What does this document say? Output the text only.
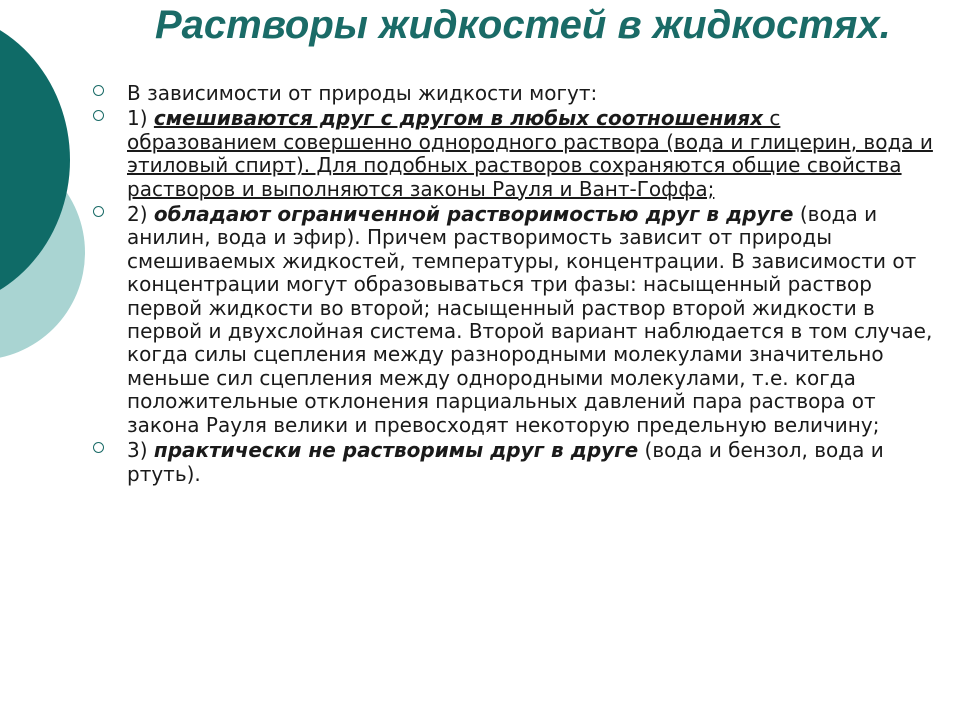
Растворы жидкостей в жидкостях.
В зависимости от природы жидкости могут:
1) смешиваются друг с другом в любых соотношениях с образованием совершенно однородного раствора (вода и глицерин, вода и этиловый спирт). Для подобных растворов сохраняются общие свойства растворов и выполняются законы Рауля и Вант-Гоффа;
2) обладают ограниченной растворимостью друг в друге (вода и анилин, вода и эфир). Причем растворимость зависит от природы смешиваемых жидкостей, температуры, концентрации. В зависимости от концентрации могут образовываться три фазы: насыщенный раствор первой жидкости во второй; насыщенный раствор второй жидкости в первой и двухслойная система. Второй вариант наблюдается в том случае, когда силы сцепления между разнородными молекулами значительно меньше сил сцепления между однородными молекулами, т.е. когда положительные отклонения парциальных давлений пара раствора от закона Рауля велики и превосходят некоторую предельную величину;
3) практически не растворимы друг в друге (вода и бензол, вода и ртуть).
